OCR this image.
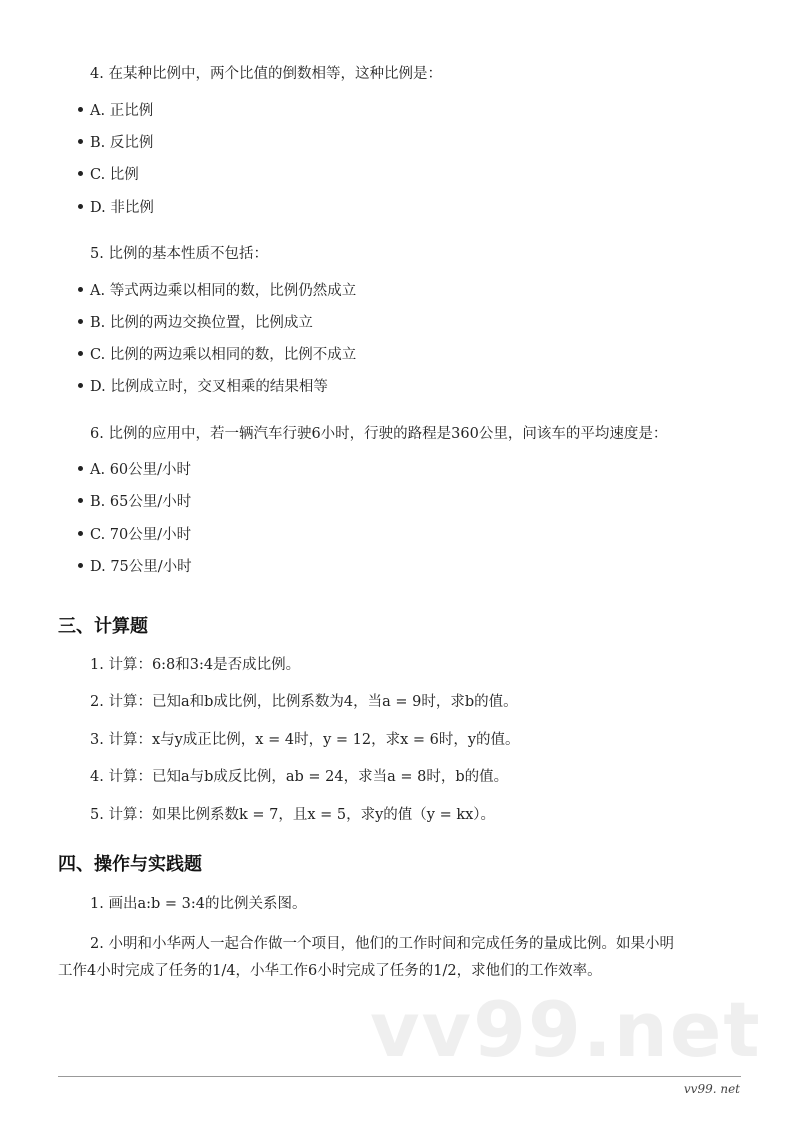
4. 在某种比例中，两个比值的倒数相等，这种比例是：
A. 正比例
B. 反比例
C. 比例
D. 非比例
5. 比例的基本性质不包括：
A. 等式两边乘以相同的数，比例仍然成立
B. 比例的两边交换位置，比例成立
C. 比例的两边乘以相同的数，比例不成立
D. 比例成立时，交叉相乘的结果相等
6. 比例的应用中，若一辆汽车行驶6小时，行驶的路程是360公里，问该车的平均速度是：
A. 60公里/小时
B. 65公里/小时
C. 70公里/小时
D. 75公里/小时
三、计算题
1. 计算：6:8和3:4是否成比例。
2. 计算：已知a和b成比例，比例系数为4，当a = 9时，求b的值。
3. 计算：x与y成正比例，x = 4时，y = 12，求x = 6时，y的值。
4. 计算：已知a与b成反比例，ab = 24，求当a = 8时，b的值。
5. 计算：如果比例系数k = 7，且x = 5，求y的值（y = kx）。
四、操作与实践题
1. 画出a:b = 3:4的比例关系图。
2. 小明和小华两人一起合作做一个项目，他们的工作时间和完成任务的量成比例。如果小明
工作4小时完成了任务的1/4，小华工作6小时完成了任务的1/2，求他们的工作效率。
vv99.net
vv99. net
